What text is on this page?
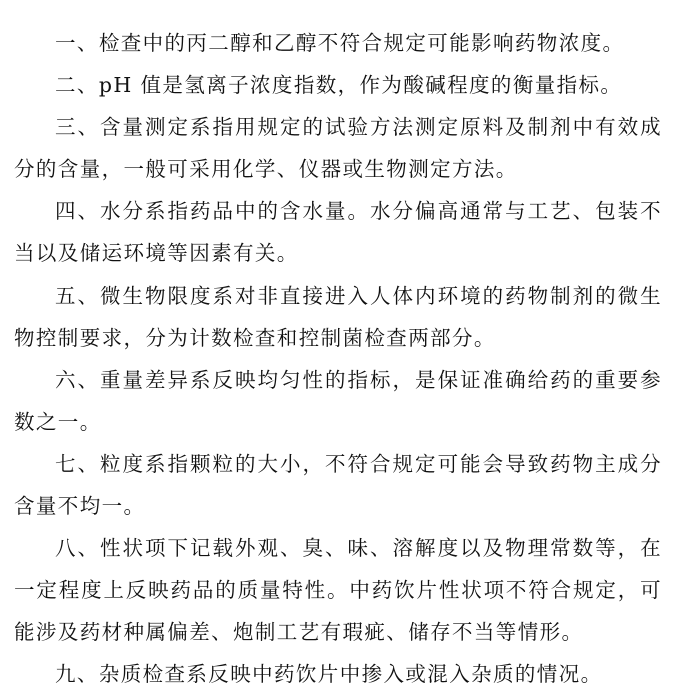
一、检查中的丙二醇和乙醇不符合规定可能影响药物浓度。

二、pH 值是氢离子浓度指数，作为酸碱程度的衡量指标。

三、含量测定系指用规定的试验方法测定原料及制剂中有效成分的含量，一般可采用化学、仪器或生物测定方法。

四、水分系指药品中的含水量。水分偏高通常与工艺、包装不当以及储运环境等因素有关。

五、微生物限度系对非直接进入人体内环境的药物制剂的微生物控制要求，分为计数检查和控制菌检查两部分。

六、重量差异系反映均匀性的指标，是保证准确给药的重要参数之一。

七、粒度系指颗粒的大小，不符合规定可能会导致药物主成分含量不均一。

八、性状项下记载外观、臭、味、溶解度以及物理常数等，在一定程度上反映药品的质量特性。中药饮片性状项不符合规定，可能涉及药材种属偏差、炮制工艺有瑕疵、储存不当等情形。

九、杂质检查系反映中药饮片中掺入或混入杂质的情况。
